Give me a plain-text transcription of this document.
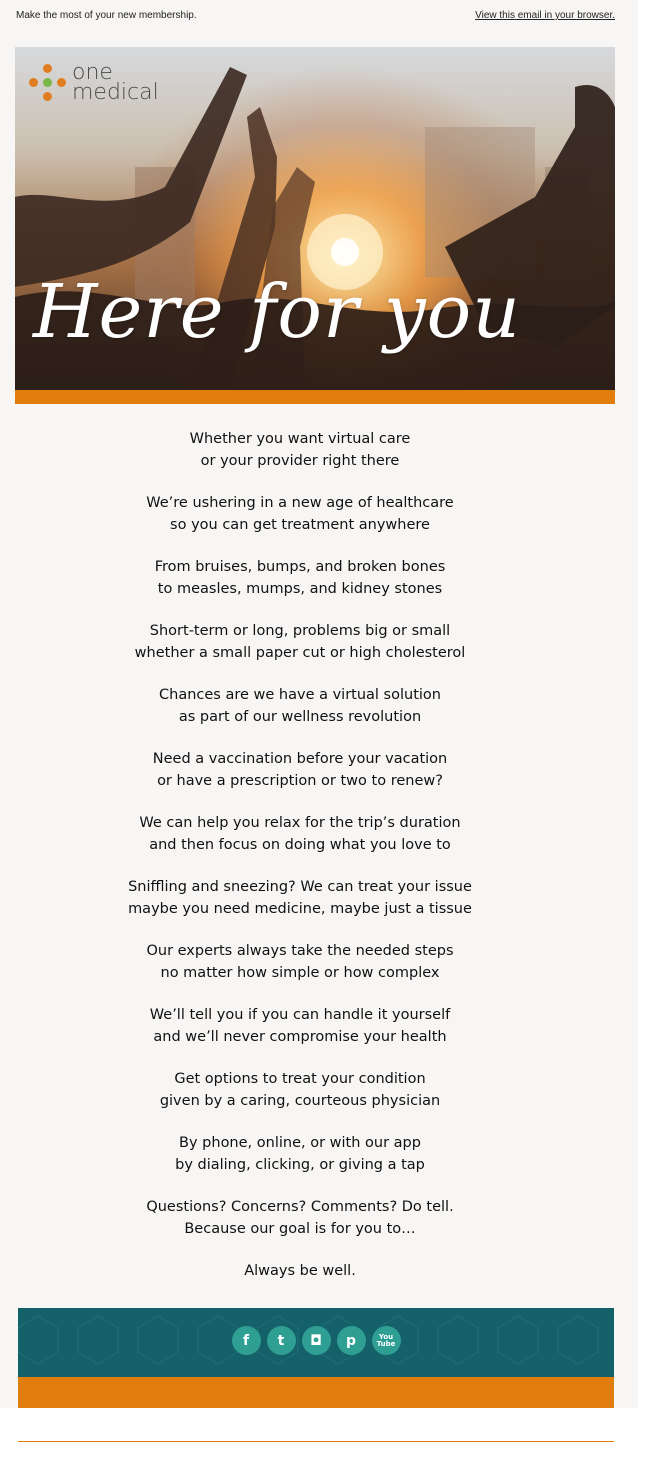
Make the most of your new membership.	View this email in your browser.
one
medical
Here for you
Whether you want virtual care
or your provider right there
We’re ushering in a new age of healthcare
so you can get treatment anywhere
From bruises, bumps, and broken bones
to measles, mumps, and kidney stones
Short-term or long, problems big or small
whether a small paper cut or high cholesterol
Chances are we have a virtual solution
as part of our wellness revolution
Need a vaccination before your vacation
or have a prescription or two to renew?
We can help you relax for the trip’s duration
and then focus on doing what you love to
Sniffling and sneezing? We can treat your issue
maybe you need medicine, maybe just a tissue
Our experts always take the needed steps
no matter how simple or how complex
We’ll tell you if you can handle it yourself
and we’ll never compromise your health
Get options to treat your condition
given by a caring, courteous physician
By phone, online, or with our app
by dialing, clicking, or giving a tap
Questions? Concerns? Comments? Do tell.
Because our goal is for you to…
Always be well.
f t ◘ p	You
Tube
